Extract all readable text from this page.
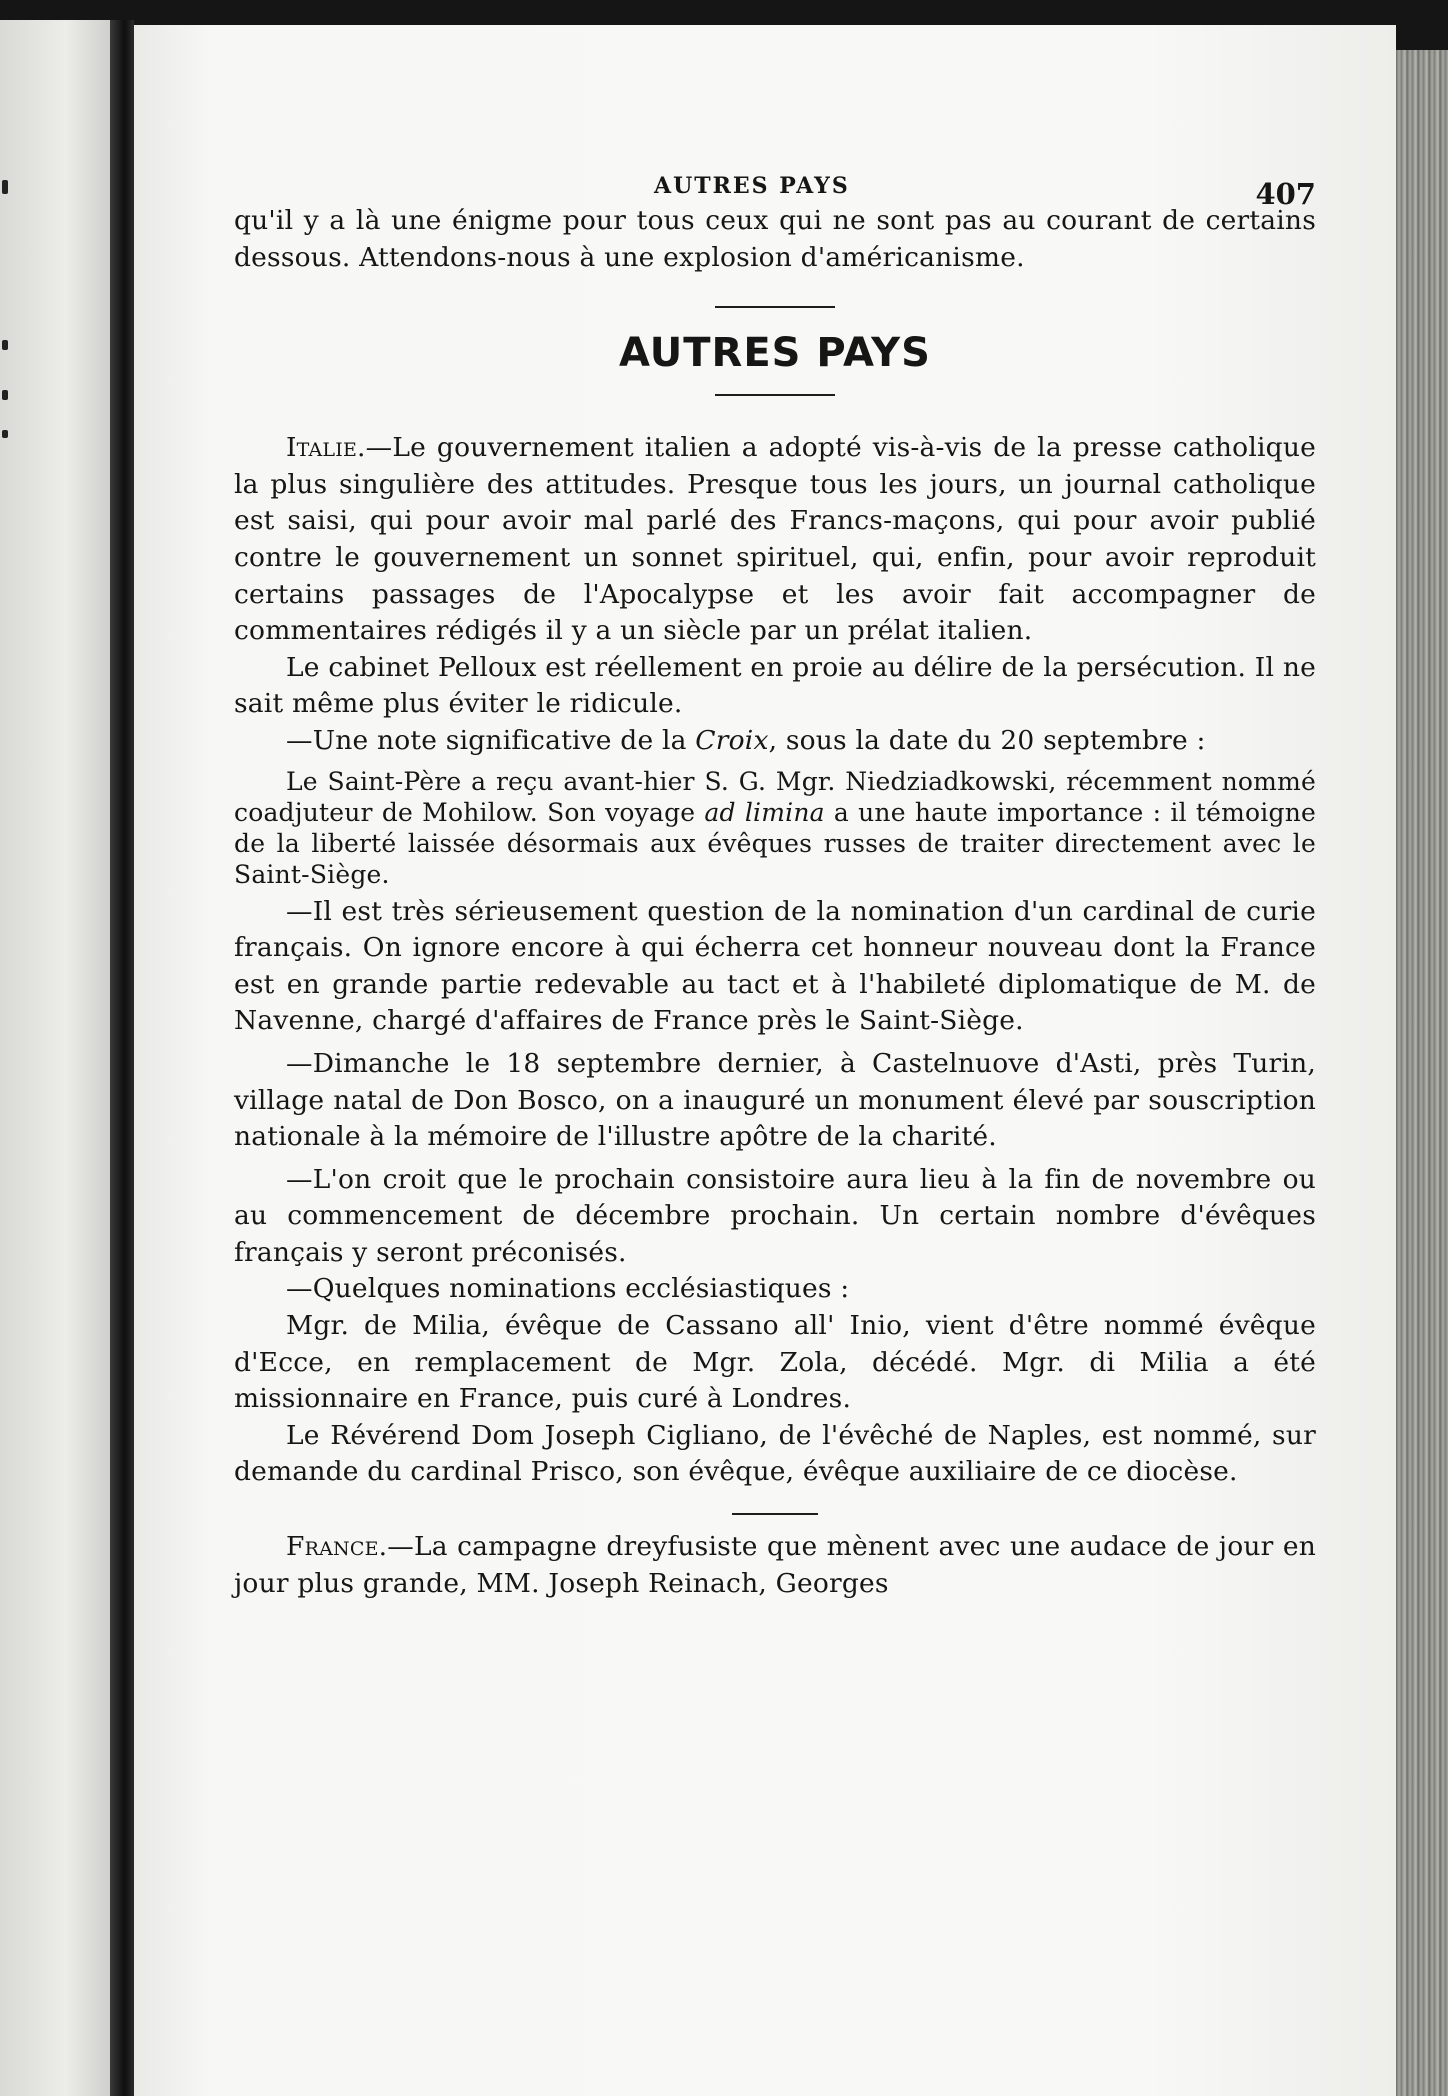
AUTRES PAYS	407

qu'il y a là une énigme pour tous ceux qui ne sont pas au courant de certains dessous. Attendons-nous à une explosion d'américanisme.

AUTRES PAYS

Italie.—Le gouvernement italien a adopté vis-à-vis de la presse catholique la plus singulière des attitudes. Presque tous les jours, un journal catholique est saisi, qui pour avoir mal parlé des Francs-maçons, qui pour avoir publié contre le gouvernement un sonnet spirituel, qui, enfin, pour avoir reproduit certains passages de l'Apocalypse et les avoir fait accompagner de commentaires rédigés il y a un siècle par un prélat italien.

Le cabinet Pelloux est réellement en proie au délire de la persécution. Il ne sait même plus éviter le ridicule.

—Une note significative de la Croix, sous la date du 20 septembre :

Le Saint-Père a reçu avant-hier S. G. Mgr. Niedziadkowski, récemment nommé coadjuteur de Mohilow. Son voyage ad limina a une haute importance : il témoigne de la liberté laissée désormais aux évêques russes de traiter directement avec le Saint-Siège.

—Il est très sérieusement question de la nomination d'un cardinal de curie français. On ignore encore à qui écherra cet honneur nouveau dont la France est en grande partie redevable au tact et à l'habileté diplomatique de M. de Navenne, chargé d'affaires de France près le Saint-Siège.

—Dimanche le 18 septembre dernier, à Castelnuove d'Asti, près Turin, village natal de Don Bosco, on a inauguré un monument élevé par souscription nationale à la mémoire de l'illustre apôtre de la charité.

—L'on croit que le prochain consistoire aura lieu à la fin de novembre ou au commencement de décembre prochain. Un certain nombre d'évêques français y seront préconisés.

—Quelques nominations ecclésiastiques :

Mgr. de Milia, évêque de Cassano all' Inio, vient d'être nommé évêque d'Ecce, en remplacement de Mgr. Zola, décédé. Mgr. di Milia a été missionnaire en France, puis curé à Londres.

Le Révérend Dom Joseph Cigliano, de l'évêché de Naples, est nommé, sur demande du cardinal Prisco, son évêque, évêque auxiliaire de ce diocèse.

France.—La campagne dreyfusiste que mènent avec une audace de jour en jour plus grande, MM. Joseph Reinach, Georges
